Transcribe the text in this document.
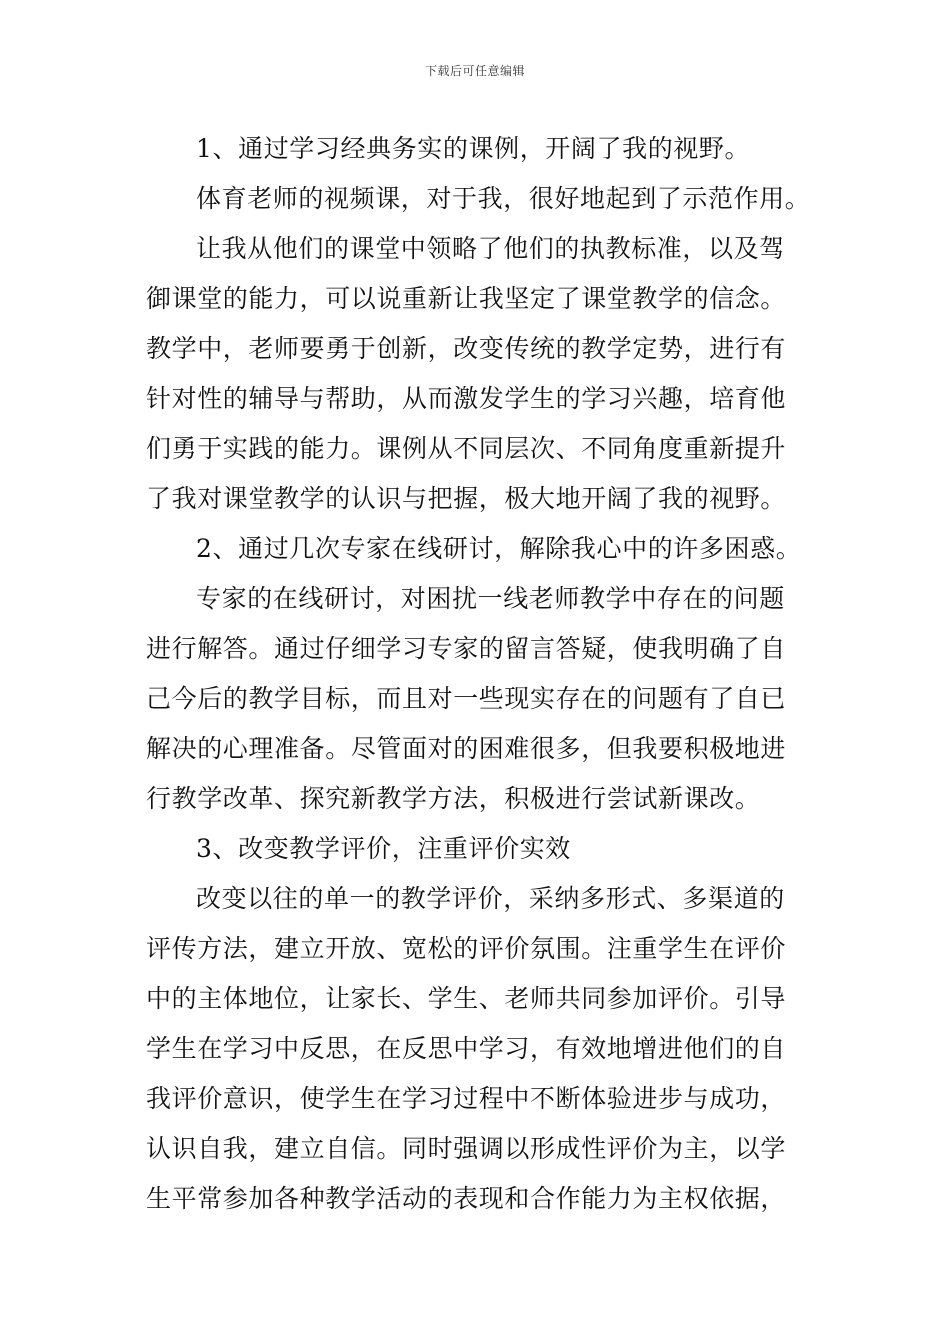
下载后可任意编辑
1、通过学习经典务实的课例，开阔了我的视野。
体育老师的视频课，对于我，很好地起到了示范作用。
让我从他们的课堂中领略了他们的执教标准，以及驾
御课堂的能力，可以说重新让我坚定了课堂教学的信念。
教学中，老师要勇于创新，改变传统的教学定势，进行有
针对性的辅导与帮助，从而激发学生的学习兴趣，培育他
们勇于实践的能力。课例从不同层次、不同角度重新提升
了我对课堂教学的认识与把握，极大地开阔了我的视野。
2、通过几次专家在线研讨，解除我心中的许多困惑。
专家的在线研讨，对困扰一线老师教学中存在的问题
进行解答。通过仔细学习专家的留言答疑，使我明确了自
己今后的教学目标，而且对一些现实存在的问题有了自已
解决的心理准备。尽管面对的困难很多，但我要积极地进
行教学改革、探究新教学方法，积极进行尝试新课改。
3、改变教学评价，注重评价实效
改变以往的单一的教学评价，采纳多形式、多渠道的
评传方法，建立开放、宽松的评价氛围。注重学生在评价
中的主体地位，让家长、学生、老师共同参加评价。引导
学生在学习中反思，在反思中学习，有效地增进他们的自
我评价意识，使学生在学习过程中不断体验进步与成功，
认识自我，建立自信。同时强调以形成性评价为主，以学
生平常参加各种教学活动的表现和合作能力为主权依据，
